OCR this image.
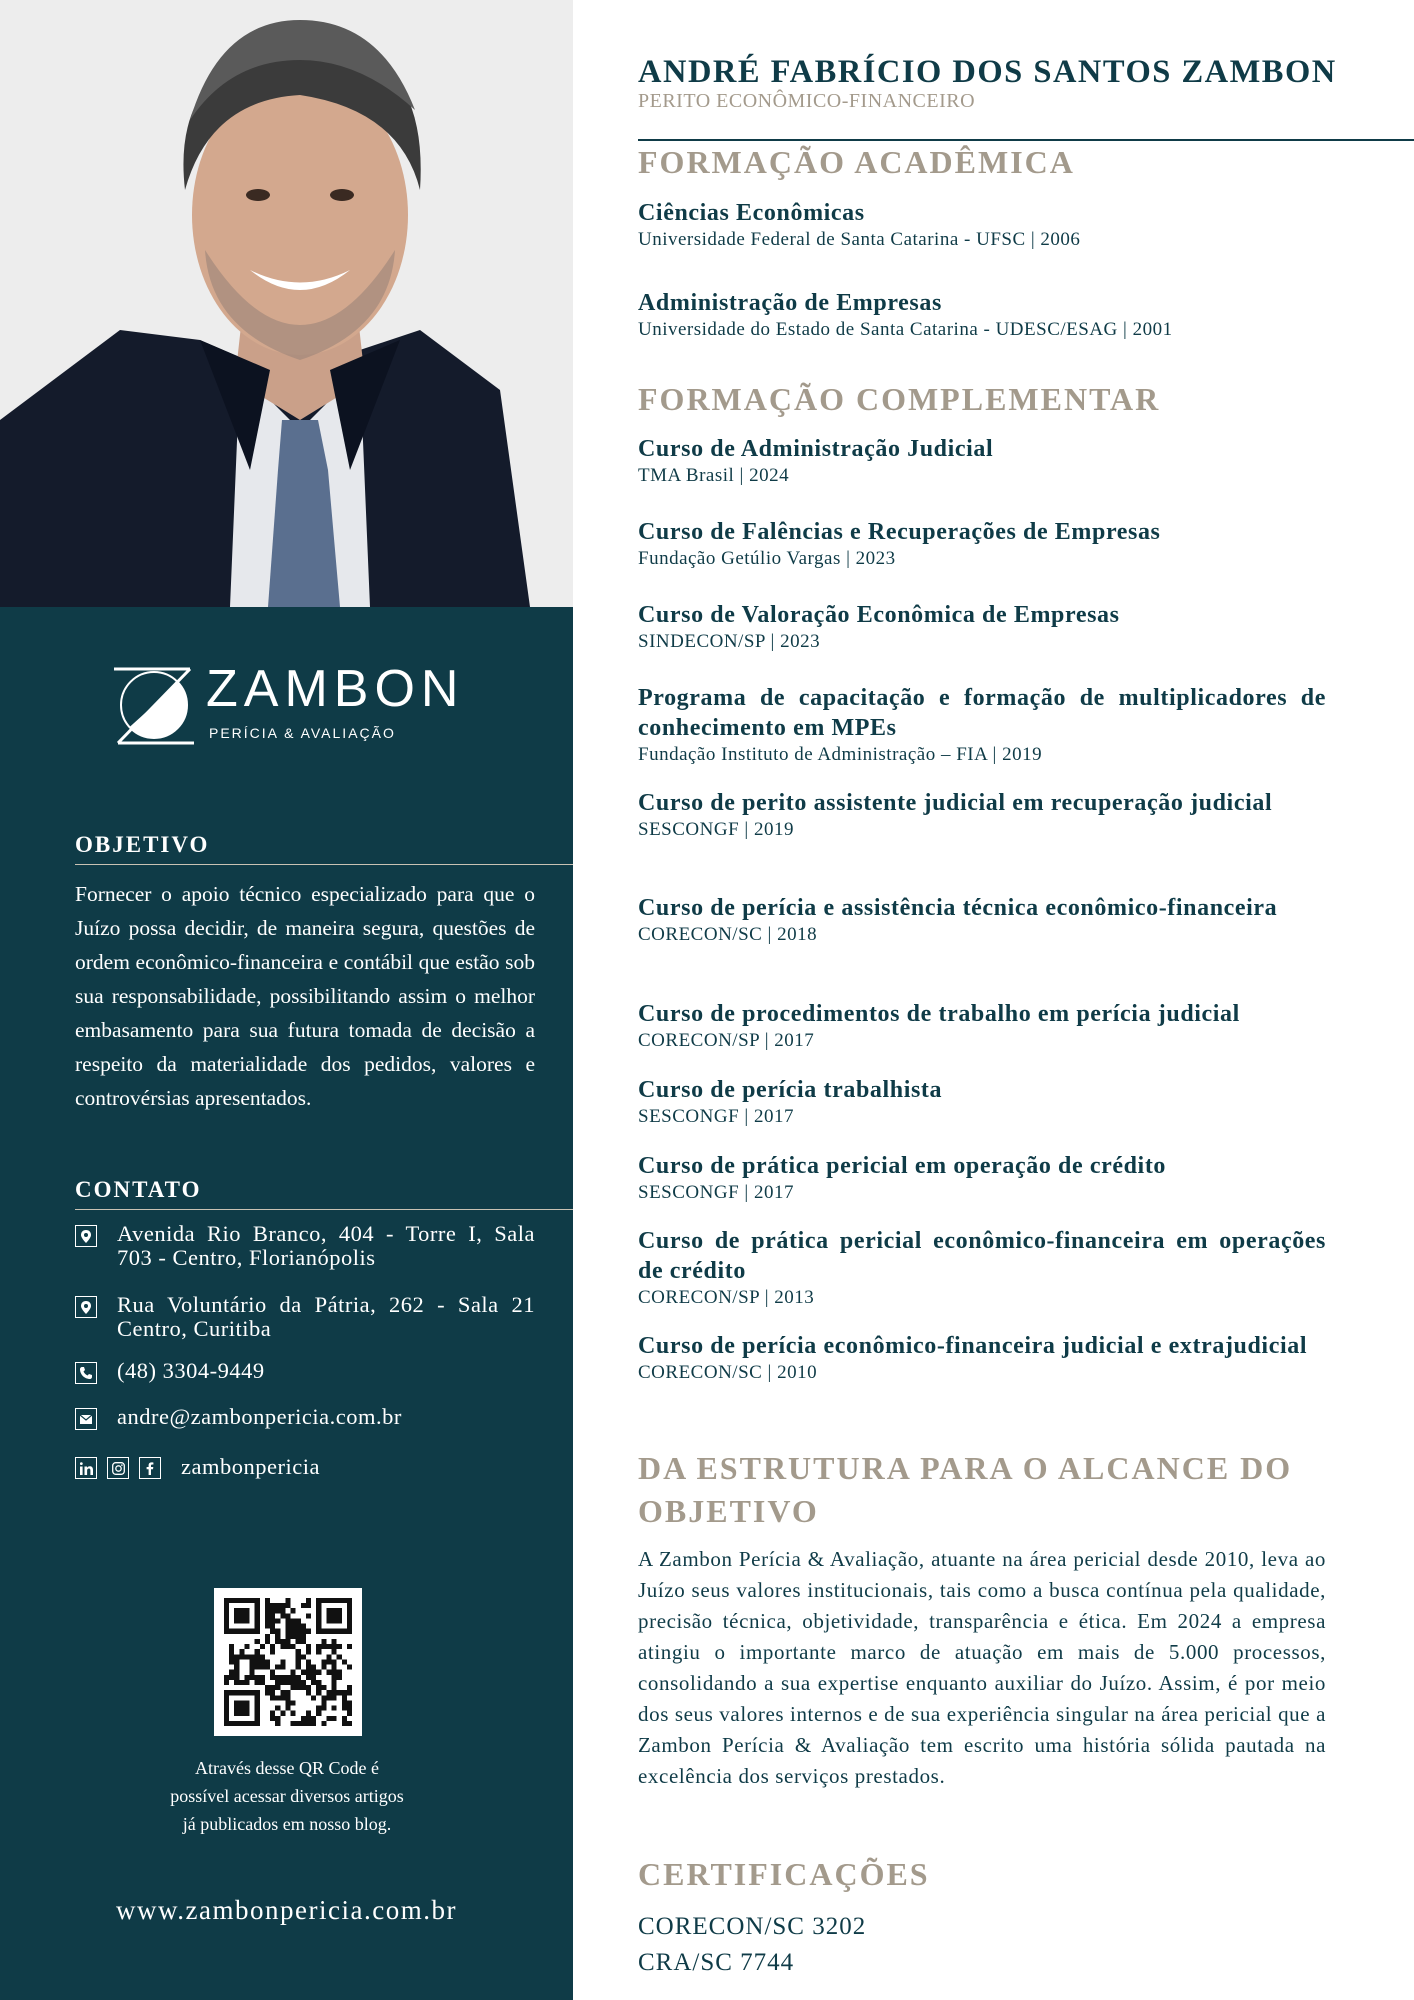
ZAMBON
PERÍCIA & AVALIAÇÃO
OBJETIVO

Fornecer o apoio técnico especializado para que o Juízo possa decidir, de maneira segura, questões de ordem econômico-financeira e contábil que estão sob sua responsabilidade, possibilitando assim o melhor embasamento para sua futura tomada de decisão a respeito da materialidade dos pedidos, valores e controvérsias apresentados.

CONTATO
Avenida Rio Branco, 404 - Torre I, Sala 703 - Centro, Florianópolis
Rua Voluntário da Pátria, 262 - Sala 21 Centro, Curitiba
(48) 3304-9449
andre@zambonpericia.com.br
zambonpericia

Através desse QR Code é
possível acessar diversos artigos
já publicados em nosso blog.

www.zambonpericia.com.br
ANDRÉ FABRÍCIO DOS SANTOS ZAMBON
PERITO ECONÔMICO-FINANCEIRO
FORMAÇÃO ACADÊMICA
Ciências Econômicas
Universidade Federal de Santa Catarina - UFSC | 2006
Administração de Empresas
Universidade do Estado de Santa Catarina - UDESC/ESAG | 2001
FORMAÇÃO COMPLEMENTAR
Curso de Administração Judicial
TMA Brasil | 2024
Curso de Falências e Recuperações de Empresas
Fundação Getúlio Vargas | 2023
Curso de Valoração Econômica de Empresas
SINDECON/SP | 2023
Programa de capacitação e formação de multiplicadores de conhecimento em MPEs
Fundação Instituto de Administração – FIA | 2019
Curso de perito assistente judicial em recuperação judicial
SESCONGF | 2019
Curso de perícia e assistência técnica econômico-financeira
CORECON/SC | 2018
Curso de procedimentos de trabalho em perícia judicial
CORECON/SP | 2017
Curso de perícia trabalhista
SESCONGF | 2017
Curso de prática pericial em operação de crédito
SESCONGF | 2017
Curso de prática pericial econômico-financeira em operações de crédito
CORECON/SP | 2013
Curso de perícia econômico-financeira judicial e extrajudicial
CORECON/SC | 2010
DA ESTRUTURA PARA O ALCANCE DO OBJETIVO

A Zambon Perícia & Avaliação, atuante na área pericial desde 2010, leva ao Juízo seus valores institucionais, tais como a busca contínua pela qualidade, precisão técnica, objetividade, transparência e ética. Em 2024 a empresa atingiu o importante marco de atuação em mais de 5.000 processos, consolidando a sua expertise enquanto auxiliar do Juízo. Assim, é por meio dos seus valores internos e de sua experiência singular na área pericial que a Zambon Perícia & Avaliação tem escrito uma história sólida pautada na excelência dos serviços prestados.

CERTIFICAÇÕES
CORECON/SC 3202
CRA/SC 7744
